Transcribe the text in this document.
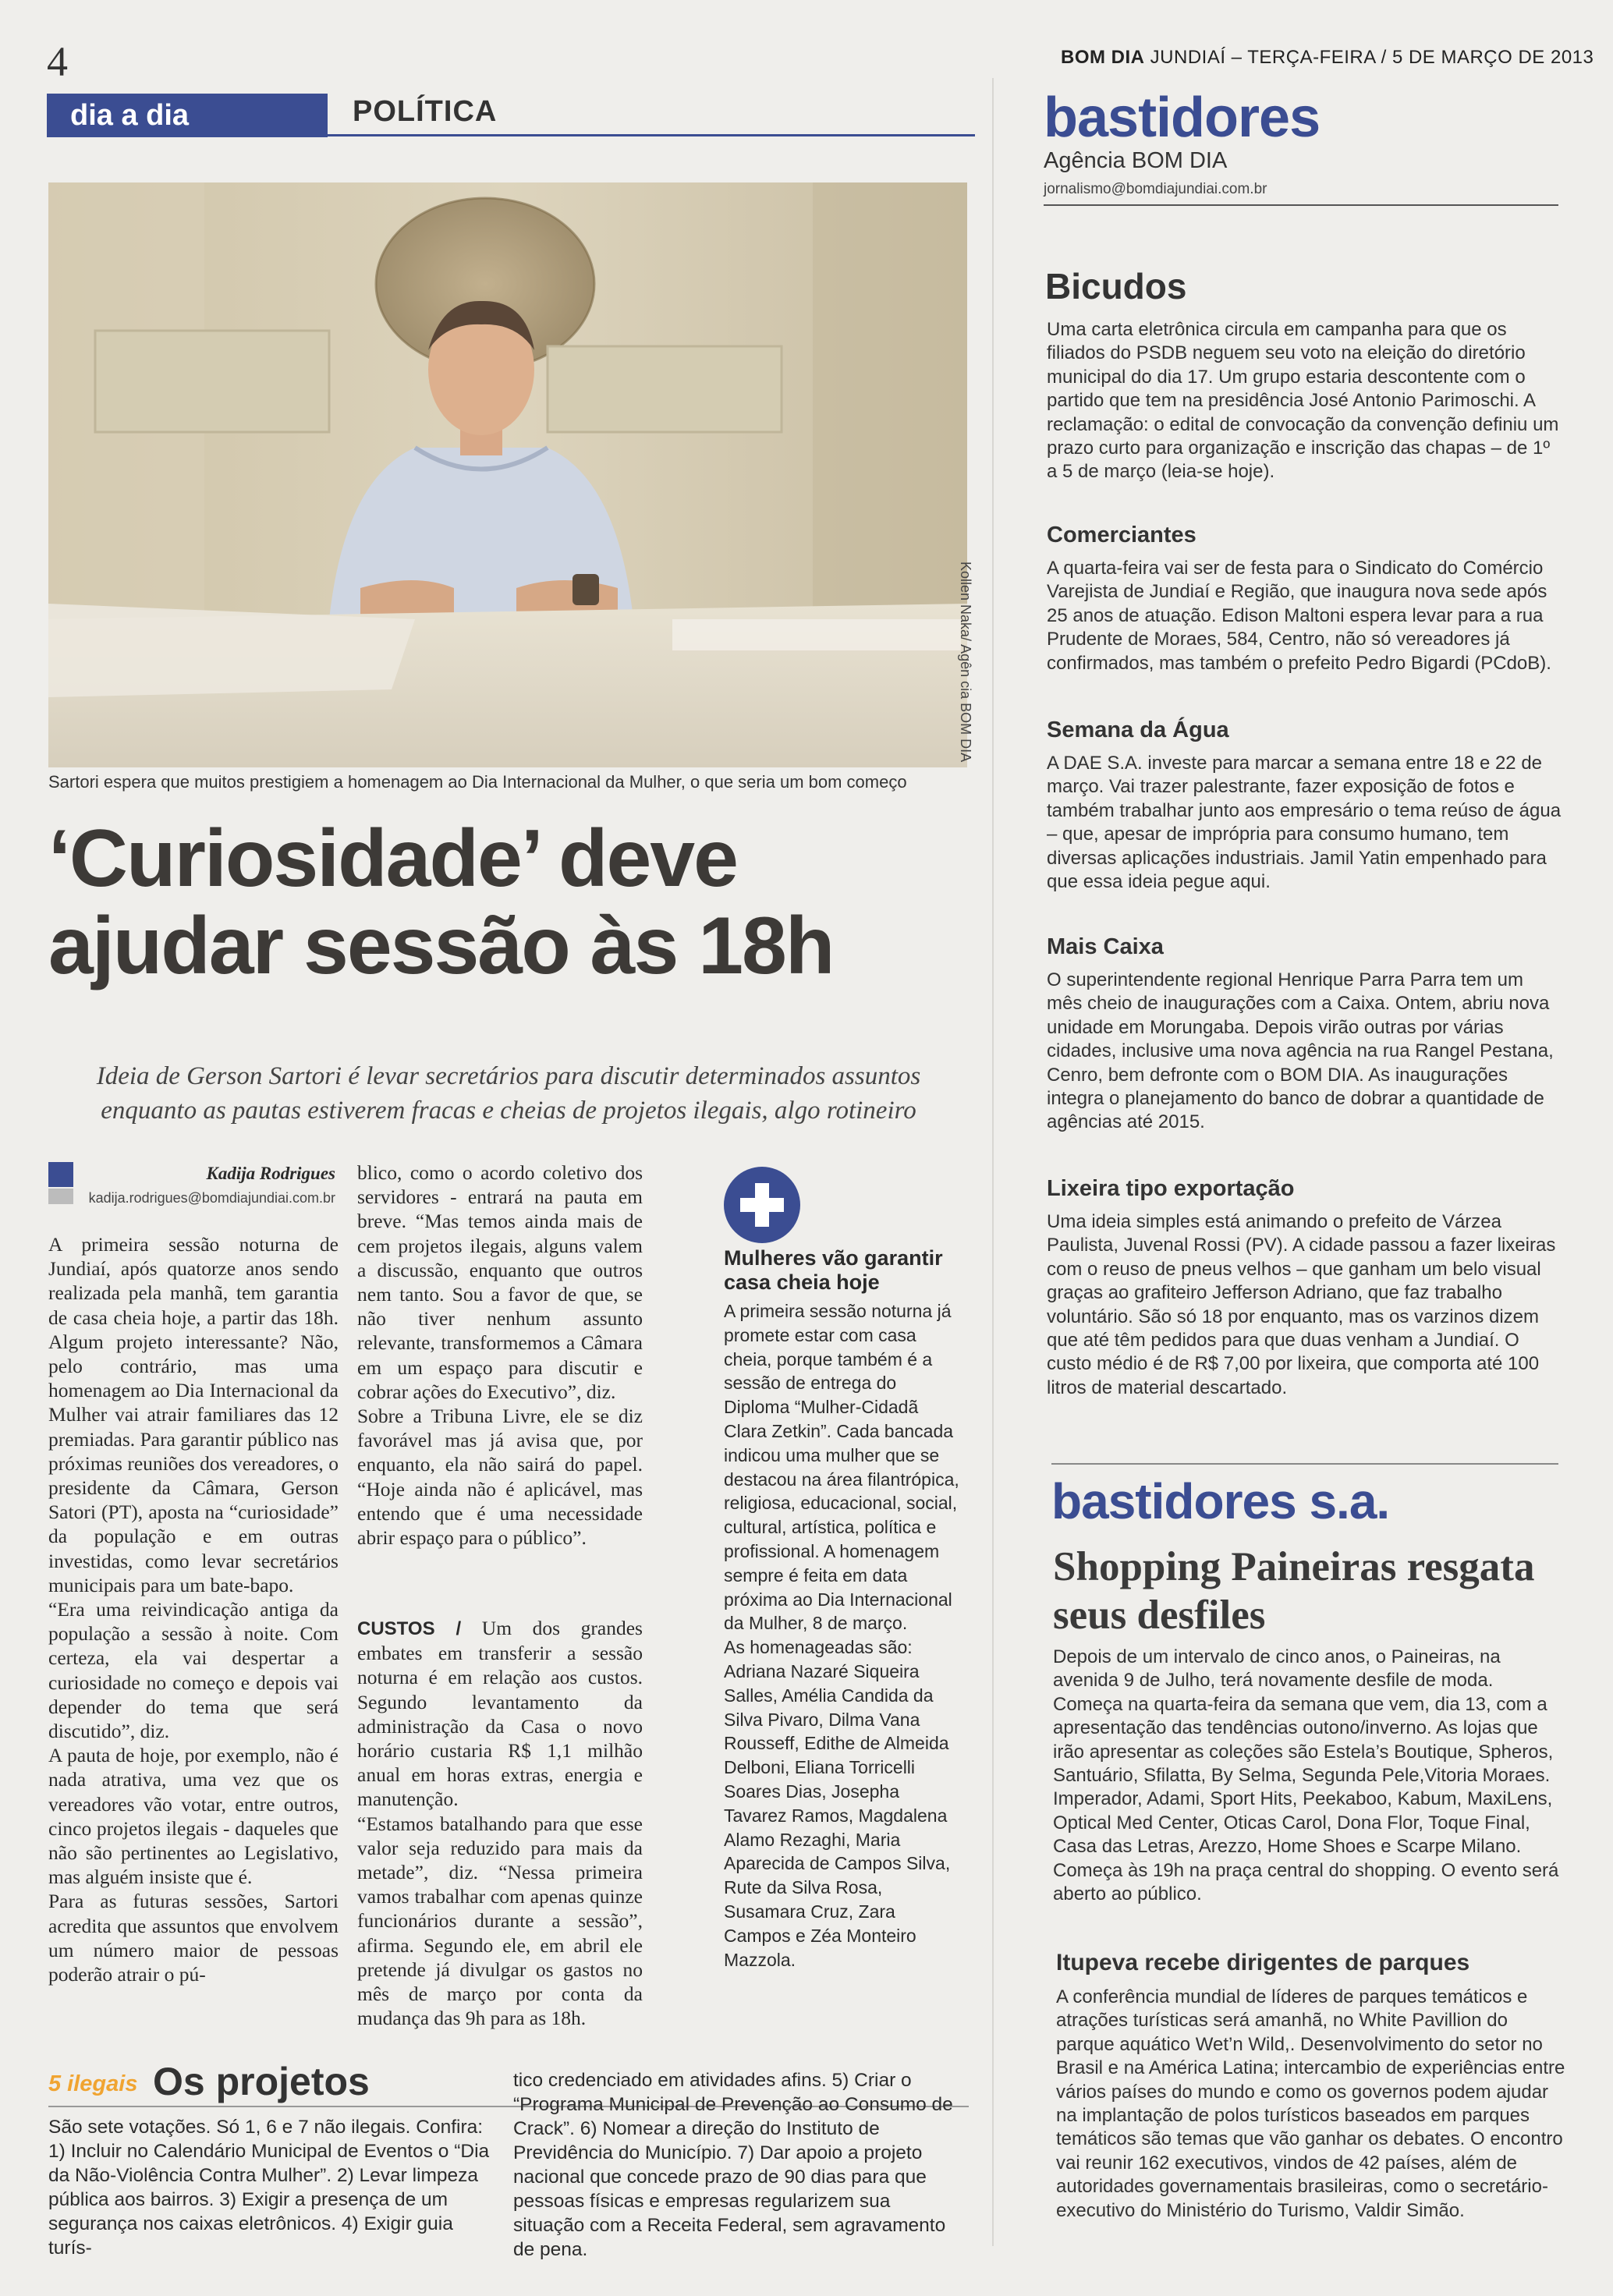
4	BOM DIA JUNDIAÍ – TERÇA-FEIRA / 5 DE MARÇO DE 2013
dia a dia	POLÍTICA
Kollen Naka/ Agên cia BOM DIA
Sartori espera que muitos prestigiem a homenagem ao Dia Internacional da Mulher, o que seria um bom começo
‘Curiosidade’ deve ajudar sessão às 18h
Ideia de Gerson Sartori é levar secretários para discutir determinados assuntos enquanto as pautas estiverem fracas e cheias de projetos ilegais, algo rotineiro
Kadija Rodrigues
kadija.rodrigues@bomdiajundiai.com.br
A primeira sessão noturna de Jundiaí, após quatorze anos sendo realizada pela manhã, tem garantia de casa cheia hoje, a partir das 18h. Algum projeto interessante? Não, pelo contrário, mas uma homenagem ao Dia Internacional da Mulher vai atrair familiares das 12 premiadas. Para garantir público nas próximas reuniões dos vereadores, o presidente da Câmara, Gerson Satori (PT), aposta na “curiosidade” da população e em outras investidas, como levar secretários municipais para um bate-bapo.
“Era uma reivindicação antiga da população a sessão à noite. Com certeza, ela vai despertar a curiosidade no começo e depois vai depender do tema que será discutido”, diz.
A pauta de hoje, por exemplo, não é nada atrativa, uma vez que os vereadores vão votar, entre outros, cinco projetos ilegais - daqueles que não são pertinentes ao Legislativo, mas alguém insiste que é.
Para as futuras sessões, Sartori acredita que assuntos que envolvem um número maior de pessoas poderão atrair o pú-
blico, como o acordo coletivo dos servidores - entrará na pauta em breve. “Mas temos ainda mais de cem projetos ilegais, alguns valem a discussão, enquanto que outros nem tanto. Sou a favor de que, se não tiver nenhum assunto relevante, transformemos a Câmara em um espaço para discutir e cobrar ações do Executivo”, diz.
Sobre a Tribuna Livre, ele se diz favorável mas já avisa que, por enquanto, ela não sairá do papel. “Hoje ainda não é aplicável, mas entendo que é uma necessidade abrir espaço para o público”.
CUSTOS / Um dos grandes embates em transferir a sessão noturna é em relação aos custos. Segundo levantamento da administração da Casa o novo horário custaria R$ 1,1 milhão anual em horas extras, energia e manutenção.
“Estamos batalhando para que esse valor seja reduzido para mais da metade”, diz. “Nessa primeira vamos trabalhar com apenas quinze funcionários durante a sessão”, afirma. Segundo ele, em abril ele pretende já divulgar os gastos no mês de março por conta da mudança das 9h para as 18h.
Mulheres vão garantir casa cheia hoje
A primeira sessão noturna já promete estar com casa cheia, porque também é a sessão de entrega do Diploma “Mulher-Cidadã Clara Zetkin”. Cada bancada indicou uma mulher que se destacou na área filantrópica, religiosa, educacional, social, cultural, artística, política e profissional. A homenagem sempre é feita em data próxima ao Dia Internacional da Mulher, 8 de março.
As homenageadas são: Adriana Nazaré Siqueira Salles, Amélia Candida da Silva Pivaro, Dilma Vana Rousseff, Edithe de Almeida Delboni, Eliana Torricelli Soares Dias, Josepha Tavarez Ramos, Magdalena Alamo Rezaghi, Maria Aparecida de Campos Silva, Rute da Silva Rosa, Susamara Cruz, Zara Campos e Zéa Monteiro Mazzola.
5 ilegais Os projetos
São sete votações. Só 1, 6 e 7 não ilegais. Confira: 1) Incluir no Calendário Municipal de Eventos o “Dia da Não-Violência Contra Mulher”. 2) Levar limpeza pública aos bairros. 3) Exigir a presença de um segurança nos caixas eletrônicos. 4) Exigir guia turís-
tico credenciado em atividades afins. 5) Criar o “Programa Municipal de Prevenção ao Consumo de Crack”. 6) Nomear a direção do Instituto de Previdência do Município. 7) Dar apoio a projeto nacional que concede prazo de 90 dias para que pessoas físicas e empresas regularizem sua situação com a Receita Federal, sem agravamento de pena.
bastidores
Agência BOM DIA
jornalismo@bomdiajundiai.com.br
Bicudos
Uma carta eletrônica circula em campanha para que os filiados do PSDB neguem seu voto na eleição do diretório municipal do dia 17. Um grupo estaria descontente com o partido que tem na presidência José Antonio Parimoschi. A reclamação: o edital de convocação da convenção definiu um prazo curto para organização e inscrição das chapas – de 1º a 5 de março (leia-se hoje).
Comerciantes
A quarta-feira vai ser de festa para o Sindicato do Comércio Varejista de Jundiaí e Região, que inaugura nova sede após 25 anos de atuação. Edison Maltoni espera levar para a rua Prudente de Moraes, 584, Centro, não só vereadores já confirmados, mas também o prefeito Pedro Bigardi (PCdoB).
Semana da Água
A DAE S.A. investe para marcar a semana entre 18 e 22 de março. Vai trazer palestrante, fazer exposição de fotos e também trabalhar junto aos empresário o tema reúso de água – que, apesar de imprópria para consumo humano, tem diversas aplicações industriais. Jamil Yatin empenhado para que essa ideia pegue aqui.
Mais Caixa
O superintendente regional Henrique Parra Parra tem um mês cheio de inaugurações com a Caixa. Ontem, abriu nova unidade em Morungaba. Depois virão outras por várias cidades, inclusive uma nova agência na rua Rangel Pestana, Cenro, bem defronte com o BOM DIA. As inaugurações integra o planejamento do banco de dobrar a quantidade de agências até 2015.
Lixeira tipo exportação
Uma ideia simples está animando o prefeito de Várzea Paulista, Juvenal Rossi (PV). A cidade passou a fazer lixeiras com o reuso de pneus velhos – que ganham um belo visual graças ao grafiteiro Jefferson Adriano, que faz trabalho voluntário. São só 18 por enquanto, mas os varzinos dizem que até têm pedidos para que duas venham a Jundiaí. O custo médio é de R$ 7,00 por lixeira, que comporta até 100 litros de material descartado.
bastidores s.a.
Shopping Paineiras resgata seus desfiles
Depois de um intervalo de cinco anos, o Paineiras, na avenida 9 de Julho, terá novamente desfile de moda. Começa na quarta-feira da semana que vem, dia 13, com a apresentação das tendências outono/inverno. As lojas que irão apresentar as coleções são Estela’s Boutique, Spheros, Santuário, Sfilatta, By Selma, Segunda Pele,Vitoria Moraes. Imperador, Adami, Sport Hits, Peekaboo, Kabum, MaxiLens, Optical Med Center, Oticas Carol, Dona Flor, Toque Final, Casa das Letras, Arezzo, Home Shoes e Scarpe Milano. Começa às 19h na praça central do shopping. O evento será aberto ao público.
Itupeva recebe dirigentes de parques
A conferência mundial de líderes de parques temáticos e atrações turísticas será amanhã, no White Pavillion do parque aquático Wet’n Wild,. Desenvolvimento do setor no Brasil e na América Latina; intercambio de experiências entre vários países do mundo e como os governos podem ajudar na implantação de polos turísticos baseados em parques temáticos são temas que vão ganhar os debates. O encontro vai reunir 162 executivos, vindos de 42 países, além de autoridades governamentais brasileiras, como o secretário-executivo do Ministério do Turismo, Valdir Simão.
